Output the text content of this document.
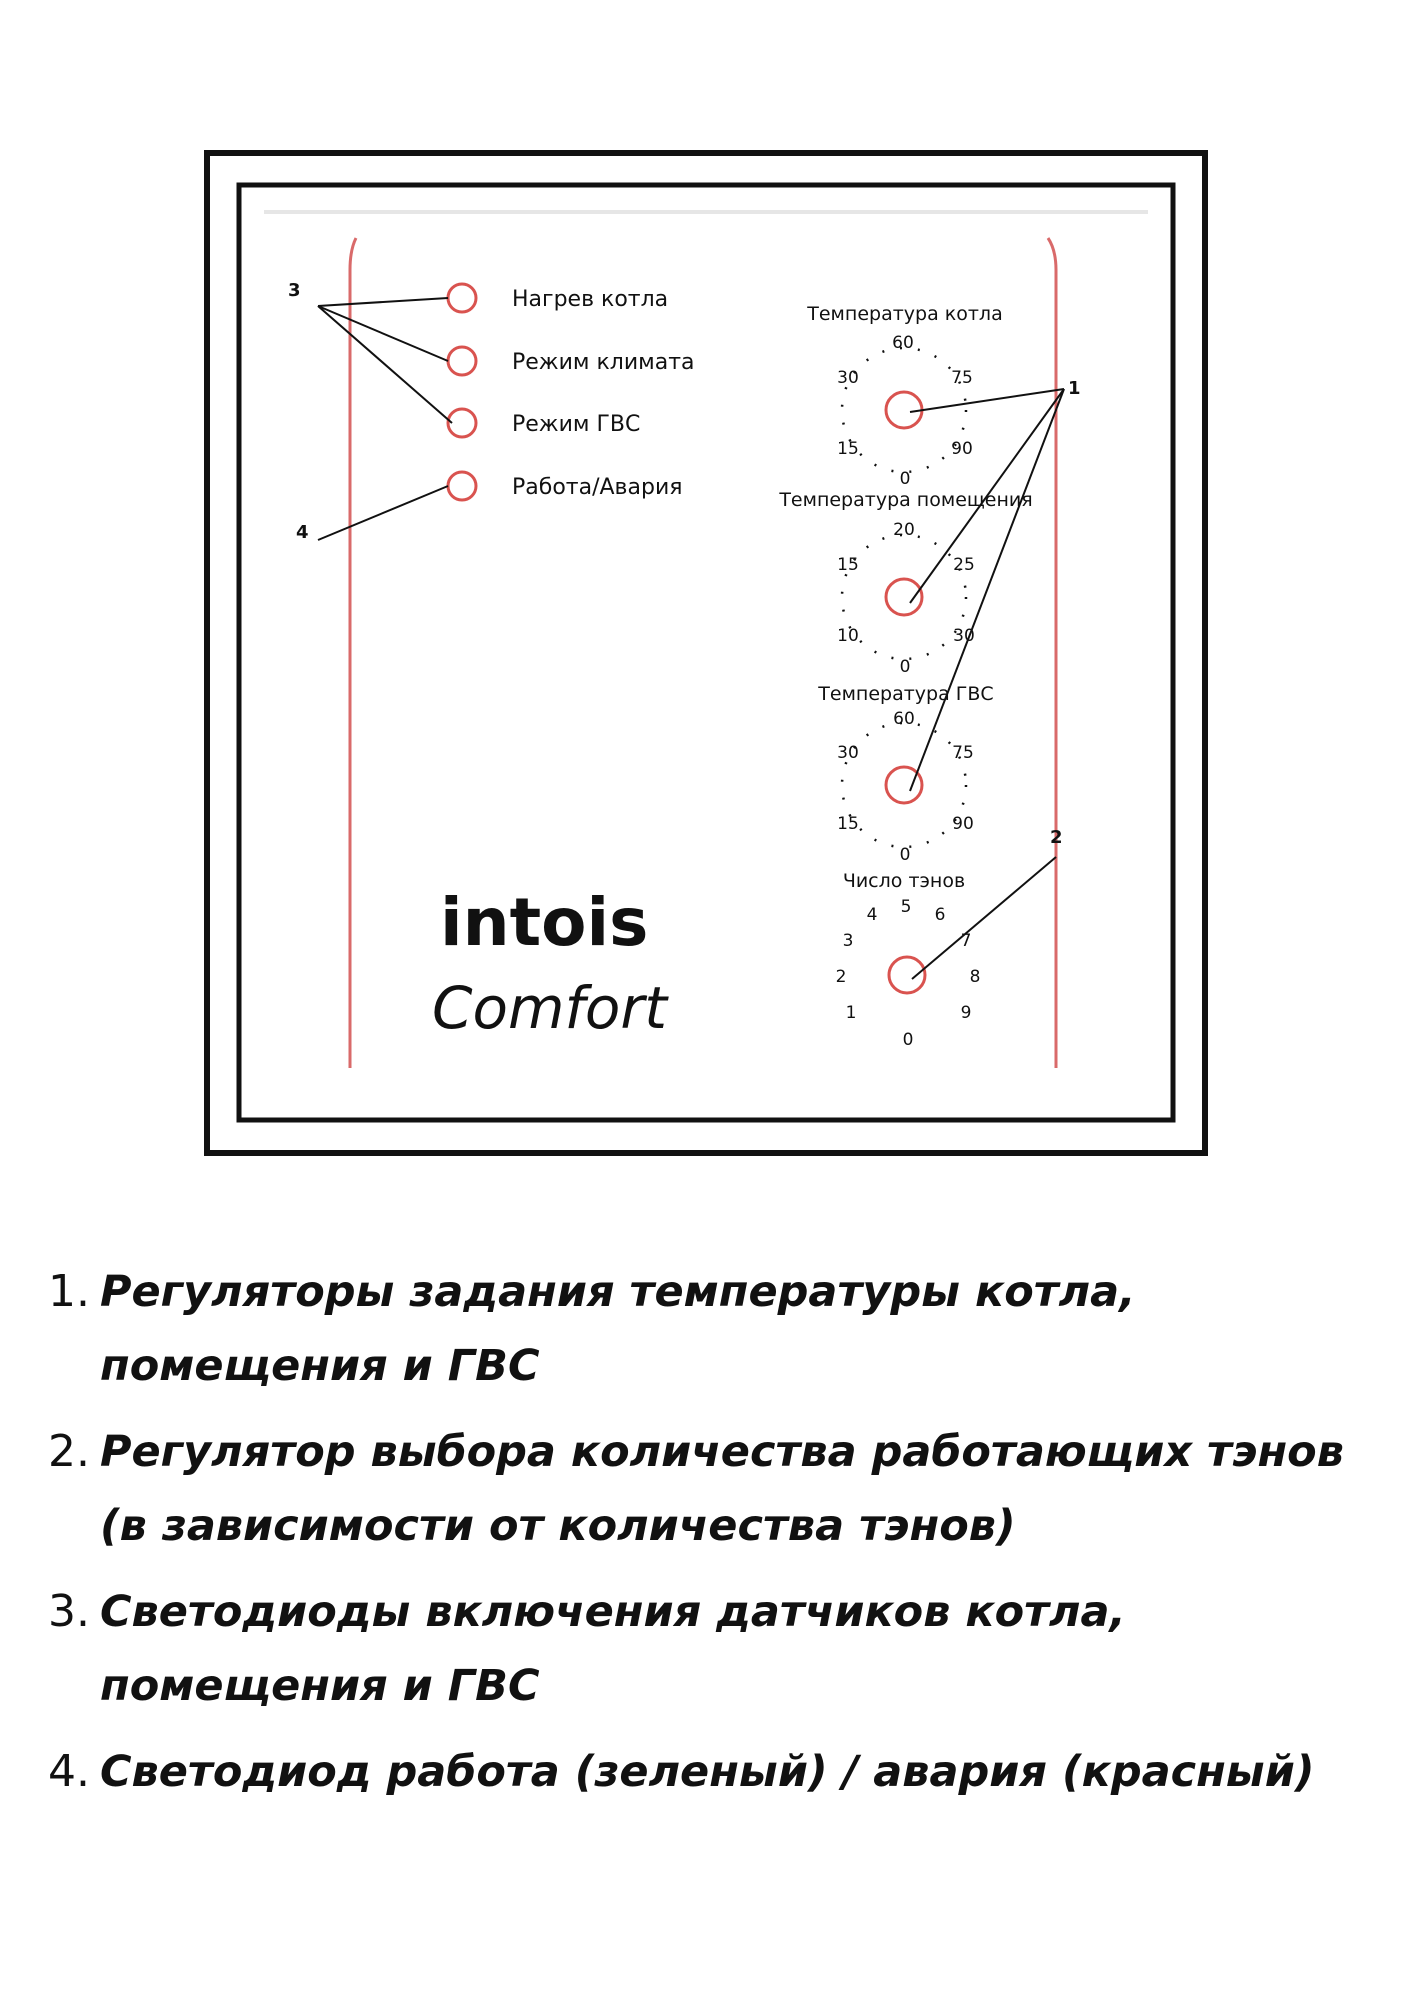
Нагрев котла
Режим климата
Режим ГВС
Работа/Авария
3
4
Температура котла
60
30	75
15	90
0
Температура помещения
20
15	25
10	30
0
Температура ГВС
60
30	75
15	90
0
Число тэнов
5
4	6
3	7
2	8
1	9
0
1
2
intois
Comfort
1. Регуляторы задания температуры котла, помещения и ГВС
2. Регулятор выбора количества работающих тэнов (в зависимости от количества тэнов)
3. Светодиоды включения датчиков котла, помещения и ГВС
4. Светодиод работа (зеленый) / авария (красный)
